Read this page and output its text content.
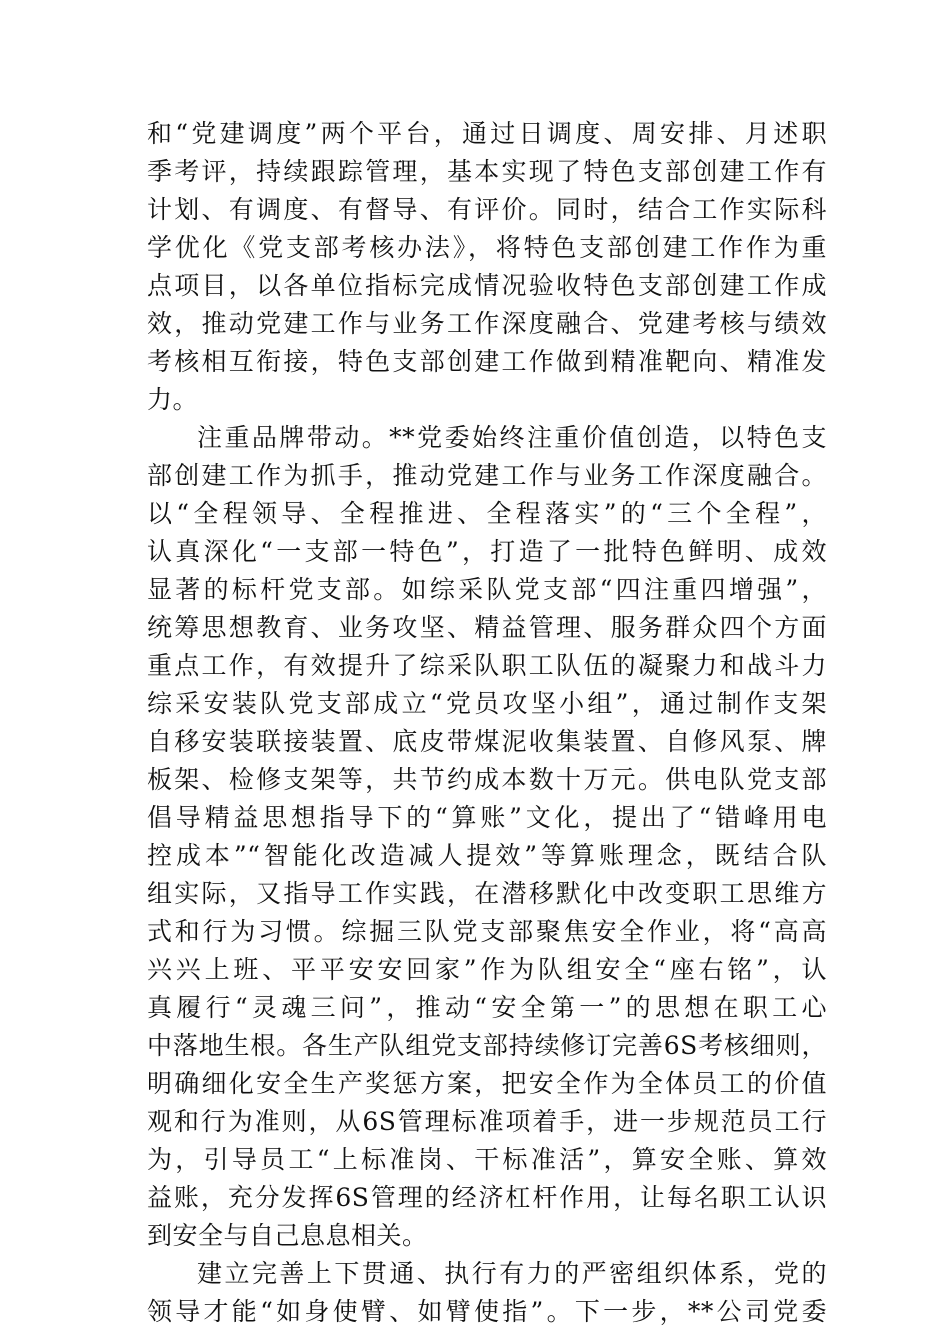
和“党建调度”两个平台，通过日调度、周安排、月述职
季考评，持续跟踪管理，基本实现了特色支部创建工作有
计划、有调度、有督导、有评价。同时，结合工作实际科
学优化《党支部考核办法》，将特色支部创建工作作为重
点项目，以各单位指标完成情况验收特色支部创建工作成
效，推动党建工作与业务工作深度融合、党建考核与绩效
考核相互衔接，特色支部创建工作做到精准靶向、精准发
力。
注重品牌带动。**党委始终注重价值创造，以特色支
部创建工作为抓手，推动党建工作与业务工作深度融合。
以“全程领导、全程推进、全程落实”的“三个全程”，
认真深化“一支部一特色”，打造了一批特色鲜明、成效
显著的标杆党支部。如综采队党支部“四注重四增强”，
统筹思想教育、业务攻坚、精益管理、服务群众四个方面
重点工作，有效提升了综采队职工队伍的凝聚力和战斗力
综采安装队党支部成立“党员攻坚小组”，通过制作支架
自移安装联接装置、底皮带煤泥收集装置、自修风泵、牌
板架、检修支架等，共节约成本数十万元。供电队党支部
倡导精益思想指导下的“算账”文化，提出了“错峰用电
控成本”“智能化改造减人提效”等算账理念，既结合队
组实际，又指导工作实践，在潜移默化中改变职工思维方
式和行为习惯。综掘三队党支部聚焦安全作业，将“高高
兴兴上班、平平安安回家”作为队组安全“座右铭”，认
真履行“灵魂三问”，推动“安全第一”的思想在职工心
中落地生根。各生产队组党支部持续修订完善6S考核细则，
明确细化安全生产奖惩方案，把安全作为全体员工的价值
观和行为准则，从6S管理标准项着手，进一步规范员工行
为，引导员工“上标准岗、干标准活”，算安全账、算效
益账，充分发挥6S管理的经济杠杆作用，让每名职工认识
到安全与自己息息相关。
建立完善上下贯通、执行有力的严密组织体系，党的
领导才能“如身使臂、如臂使指”。下一步，**公司党委
